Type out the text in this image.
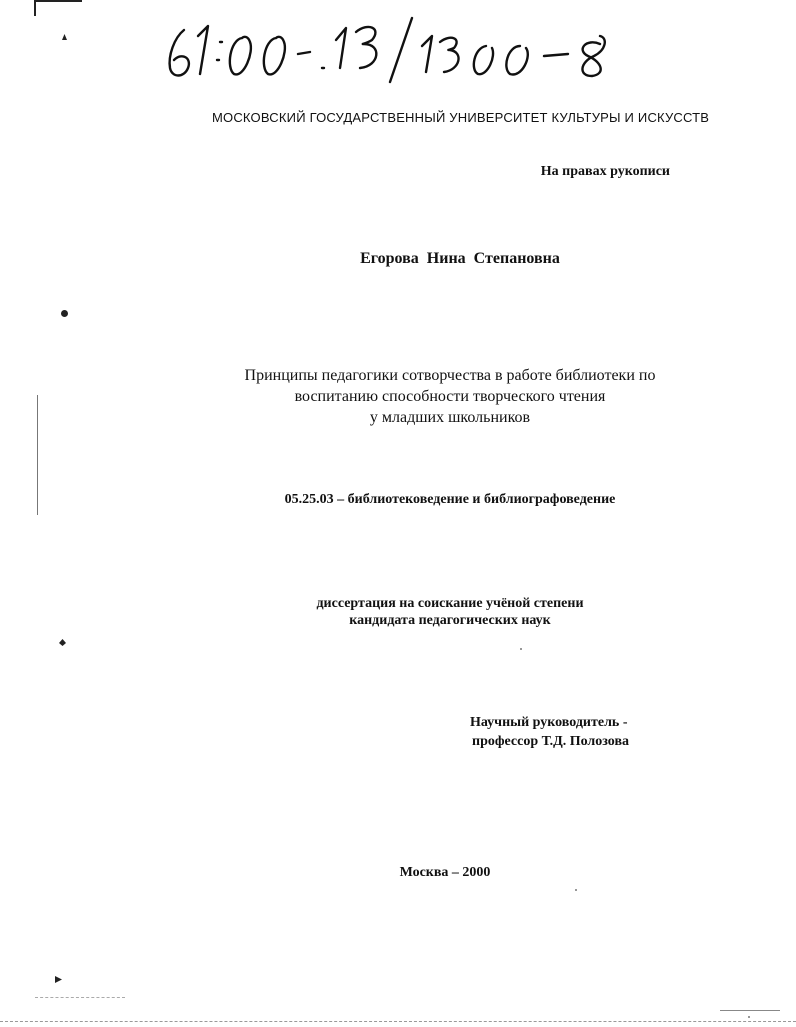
МОСКОВСКИЙ ГОСУДАРСТВЕННЫЙ УНИВЕРСИТЕТ КУЛЬТУРЫ И ИСКУССТВ
На правах рукописи
Егорова Нина Степановна
Принципы педагогики сотворчества в работе библиотеки по
воспитанию способности творческого чтения
у младших школьников
05.25.03 – библиотековедение и библиографоведение
диссертация на соискание учёной степени
кандидата педагогических наук
Научный руководитель -
профессор Т.Д. Полозова
Москва – 2000
